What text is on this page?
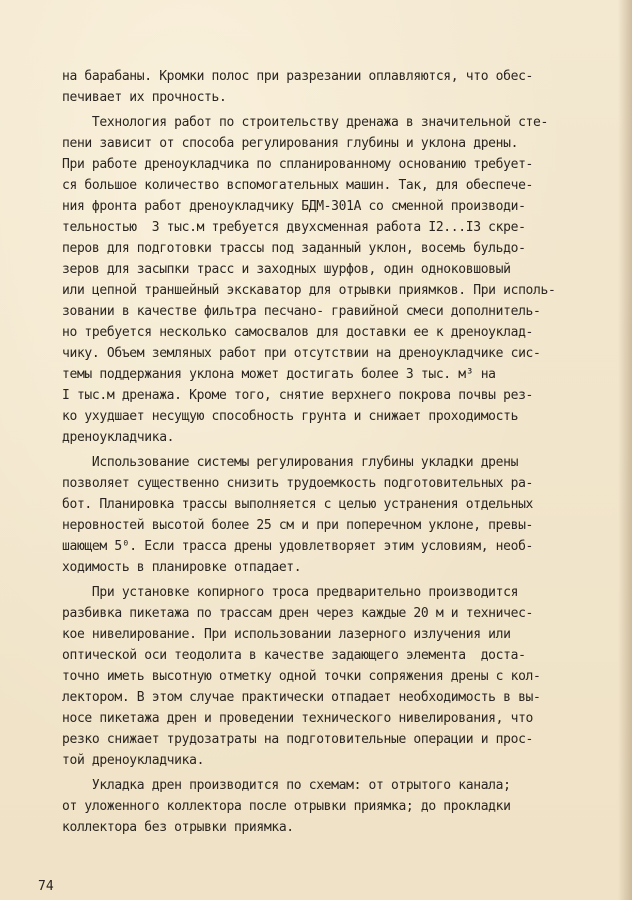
на барабаны. Кромки полос при разрезании оплавляются, что обес-
печивает их прочность.
Технология работ по строительству дренажа в значительной сте-
пени зависит от способа регулирования глубины и уклона дрены.
При работе дреноукладчика по спланированному основанию требует-
ся большое количество вспомогательных машин. Так, для обеспече-
ния фронта работ дреноукладчику БДМ-301А со сменной производи-
тельностью  3 тыс.м требуется двухсменная работа I2...I3 скре-
перов для подготовки трассы под заданный уклон, восемь бульдо-
зеров для засыпки трасс и заходных шурфов, один одноковшовый
или цепной траншейный экскаватор для отрывки приямков. При исполь-
зовании в качестве фильтра песчано- гравийной смеси дополнитель-
но требуется несколько самосвалов для доставки ее к дреноуклад-
чику. Объем земляных работ при отсутствии на дреноукладчике сис-
темы поддержания уклона может достигать более 3 тыс. м³ на
I тыс.м дренажа. Кроме того, снятие верхнего покрова почвы рез-
ко ухудшает несущую способность грунта и снижает проходимость
дреноукладчика.
Использование системы регулирования глубины укладки дрены
позволяет существенно снизить трудоемкость подготовительных ра-
бот. Планировка трассы выполняется с целью устранения отдельных
неровностей высотой более 25 см и при поперечном уклоне, превы-
шающем 5⁰. Если трасса дрены удовлетворяет этим условиям, необ-
ходимость в планировке отпадает.
При установке копирного троса предварительно производится
разбивка пикетажа по трассам дрен через каждые 20 м и техничес-
кое нивелирование. При использовании лазерного излучения или
оптической оси теодолита в качестве задающего элемента  доста-
точно иметь высотную отметку одной точки сопряжения дрены с кол-
лектором. В этом случае практически отпадает необходимость в вы-
носе пикетажа дрен и проведении технического нивелирования, что
резко снижает трудозатраты на подготовительные операции и прос-
той дреноукладчика.
Укладка дрен производится по схемам: от отрытого канала;
от уложенного коллектора после отрывки приямка; до прокладки
коллектора без отрывки приямка.
74
